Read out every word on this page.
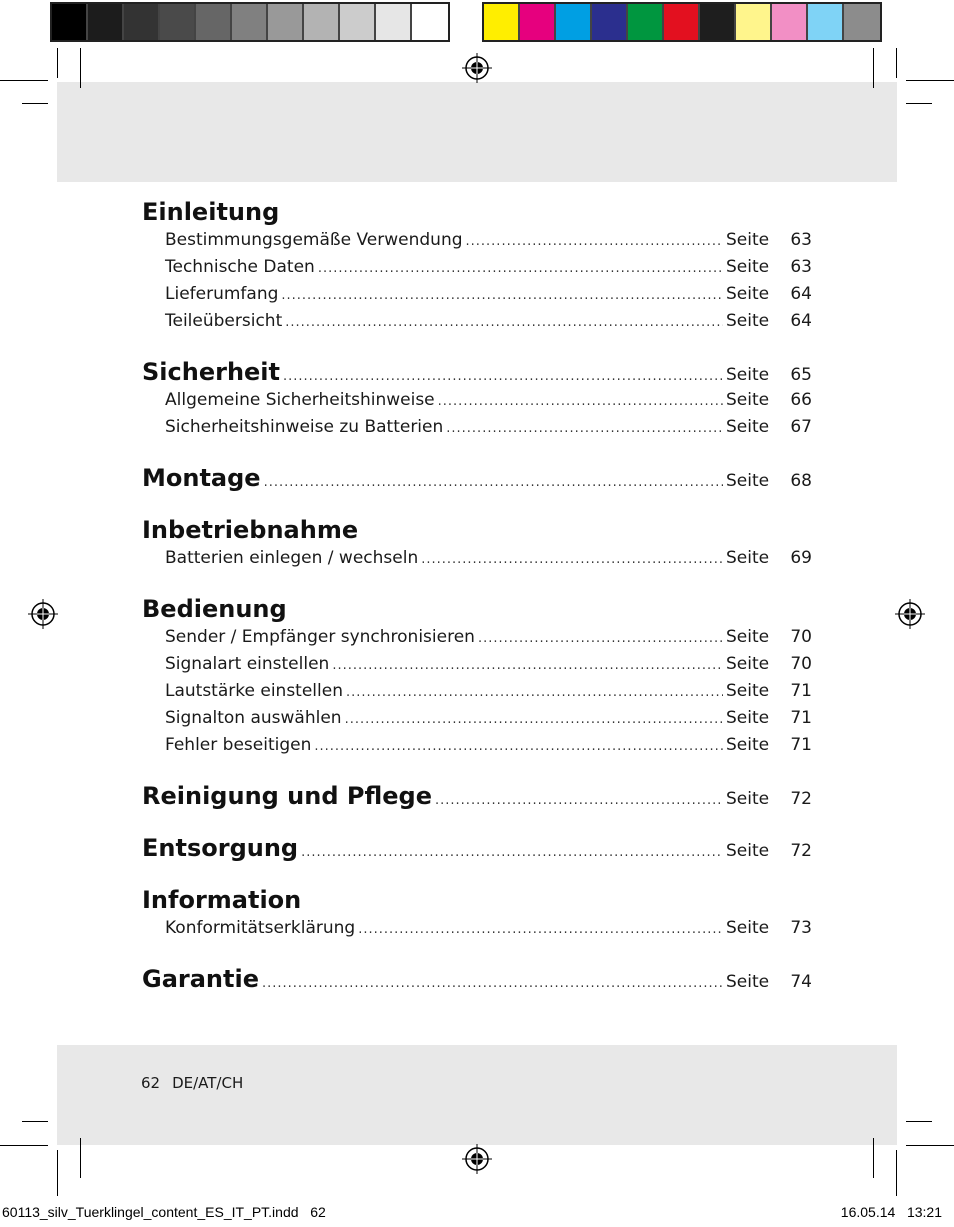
Einleitung
Bestimmungsgemäße Verwendung .....	Seite	63
Technische Daten .....	Seite	63
Lieferumfang .....	Seite	64
Teileübersicht .....	Seite	64
Sicherheit .....	Seite	65
Allgemeine Sicherheitshinweise .....	Seite	66
Sicherheitshinweise zu Batterien .....	Seite	67
Montage .....	Seite	68
Inbetriebnahme
Batterien einlegen / wechseln .....	Seite	69
Bedienung
Sender / Empfänger synchronisieren .....	Seite	70
Signalart einstellen .....	Seite	70
Lautstärke einstellen .....	Seite	71
Signalton auswählen .....	Seite	71
Fehler beseitigen .....	Seite	71
Reinigung und Pflege .....	Seite	72
Entsorgung .....	Seite	72
Information
Konformitätserklärung .....	Seite	73
Garantie .....	Seite	74
62 DE/AT/CH
60113_silv_Tuerklingel_content_ES_IT_PT.indd   62	16.05.14   13:21
